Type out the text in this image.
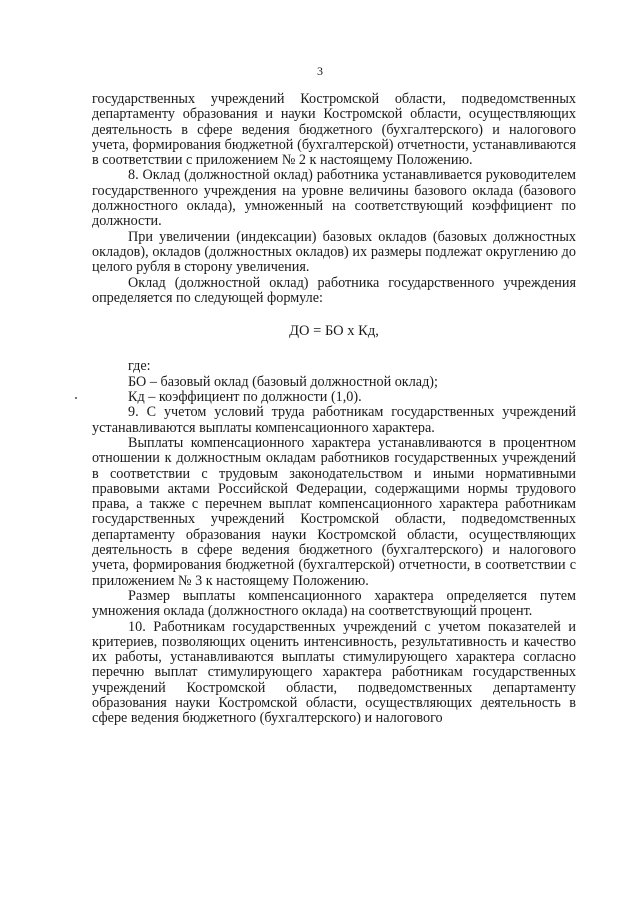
3

государственных учреждений Костромской области, подведомственных департаменту образования и науки Костромской области, осуществляющих деятельность в сфере ведения бюджетного (бухгалтерского) и налогового учета, формирования бюджетной (бухгалтерской) отчетности, устанавливаются в соответствии с приложением № 2 к настоящему Положению.

8. Оклад (должностной оклад) работника устанавливается руководителем государственного учреждения на уровне величины базового оклада (базового должностного оклада), умноженный на соответствующий коэффициент по должности.

При увеличении (индексации) базовых окладов (базовых должностных окладов), окладов (должностных окладов) их размеры подлежат округлению до целого рубля в сторону увеличения.

Оклад (должностной оклад) работника государственного учреждения определяется по следующей формуле:

ДО = БО х Кд,

где:

БО – базовый оклад (базовый должностной оклад);

Кд – коэффициент по должности (1,0).

9. С учетом условий труда работникам государственных учреждений устанавливаются выплаты компенсационного характера.

Выплаты компенсационного характера устанавливаются в процентном отношении к должностным окладам работников государственных учреждений в соответствии с трудовым законодательством и иными нормативными правовыми актами Российской Федерации, содержащими нормы трудового права, а также с перечнем выплат компенсационного характера работникам государственных учреждений Костромской области, подведомственных департаменту образования науки Костромской области, осуществляющих деятельность в сфере ведения бюджетного (бухгалтерского) и налогового учета, формирования бюджетной (бухгалтерской) отчетности, в соответствии с приложением № 3 к настоящему Положению.

Размер выплаты компенсационного характера определяется путем умножения оклада (должностного оклада) на соответствующий процент.

10. Работникам государственных учреждений с учетом показателей и критериев, позволяющих оценить интенсивность, результативность и качество их работы, устанавливаются выплаты стимулирующего характера согласно перечню выплат стимулирующего характера работникам государственных учреждений Костромской области, подведомственных департаменту образования науки Костромской области, осуществляющих деятельность в сфере ведения бюджетного (бухгалтерского) и налогового
